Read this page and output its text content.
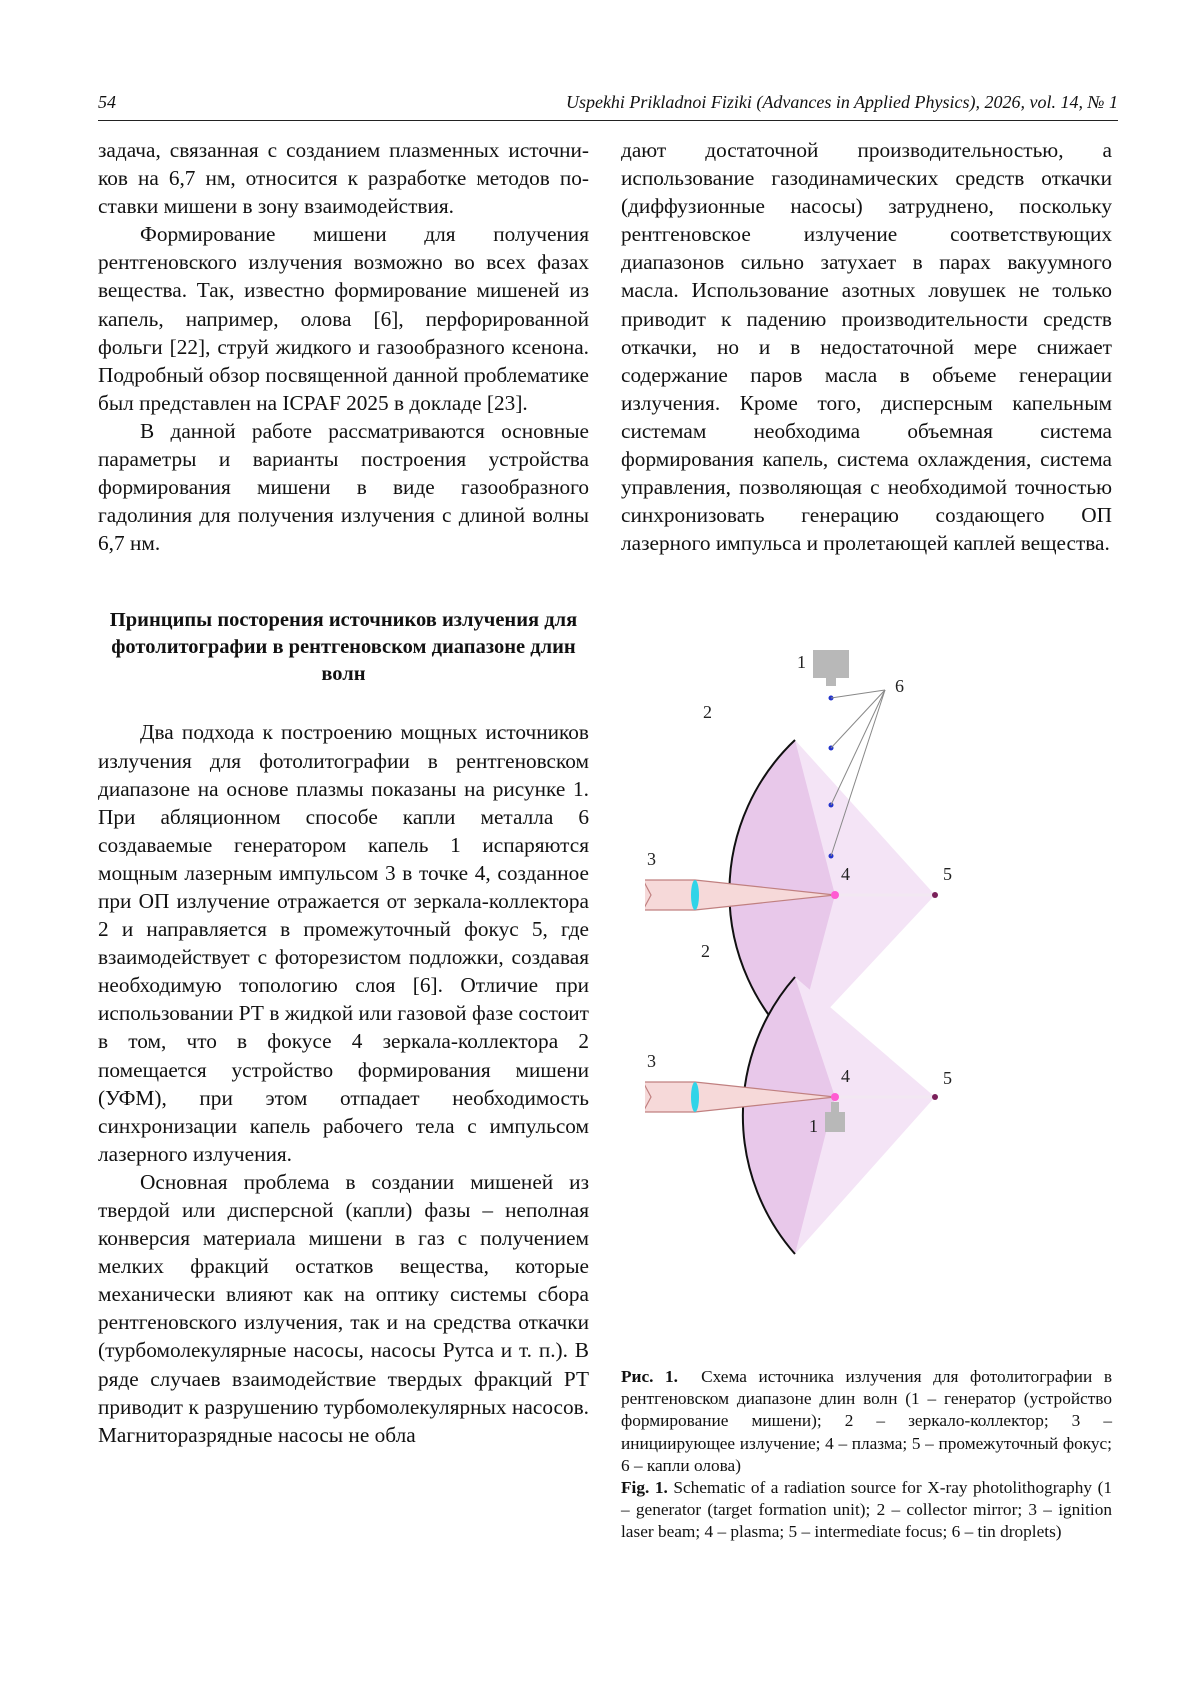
54	Uspekhi Prikladnoi Fiziki (Advances in Applied Physics), 2026, vol. 14, № 1

задача, связанная с созданием плазменных источников на 6,7 нм, относится к разработке методов поставки мишени в зону взаимодействия.

Формирование мишени для получения рентгеновского излучения возможно во всех фазах вещества. Так, известно формирование мишеней из капель, например, олова [6], перфорированной фольги [22], струй жидкого и газообразного ксенона. Подробный обзор посвященной данной проблематике был представлен на ICPAF 2025 в докладе [23].

В данной работе рассматриваются основные параметры и варианты построения устройства формирования мишени в виде газообразного гадолиния для получения излучения с длиной волны 6,7 нм.

Принципы посторения источников излучения для фотолитографии в рентгеновском диапазоне длин волн

Два подхода к построению мощных источников излучения для фотолитографии в рентгеновском диапазоне на основе плазмы показаны на рисунке 1. При абляционном способе капли металла 6 создаваемые генератором капель 1 испаряются мощным лазерным импульсом 3 в точке 4, созданное при ОП излучение отражается от зеркала-коллектора 2 и направляется в промежуточный фокус 5, где взаимодействует с фоторезистом подложки, создавая необходимую топологию слоя [6]. Отличие при использовании РТ в жидкой или газовой фазе состоит в том, что в фокусе 4 зеркала-коллектора 2 помещается устройство формирования мишени (УФМ), при этом отпадает необходимость синхронизации капель рабочего тела с импульсом лазерного излучения.

Основная проблема в создании мишеней из твердой или дисперсной (капли) фазы – неполная конверсия материала мишени в газ с получением мелких фракций остатков вещества, которые механически влияют как на оптику системы сбора рентгеновского излучения, так и на средства откачки (турбомолекулярные насосы, насосы Рутса и т. п.). В ряде случаев взаимодействие твердых фракций РТ приводит к разрушению турбомолекулярных насосов. Магниторазрядные насосы не обла

дают достаточной производительностью, а использование газодинамических средств откачки (диффузионные насосы) затруднено, поскольку рентгеновское излучение соответствующих диапазонов сильно затухает в парах вакуумного масла. Использование азотных ловушек не только приводит к падению производительности средств откачки, но и в недостаточной мере снижает содержание паров масла в объеме генерации излучения. Кроме того, дисперсным капельным системам необходима объемная система формирования капель, система охлаждения, система управления, позволяющая с необходимой точностью синхронизовать генерацию создающего ОП лазерного импульса и пролетающей каплей вещества.

1
2
3
4	5
6
1
2
3
4	5

Рис. 1. Схема источника излучения для фотолитографии в рентгеновском диапазоне длин волн (1 – генератор (устройство формирование мишени); 2 – зеркало-коллектор; 3 – инициирующее излучение; 4 – плазма; 5 – промежуточный фокус; 6 – капли олова)

Fig. 1. Schematic of a radiation source for X-ray photolithography (1 – generator (target formation unit); 2 – collector mirror; 3 – ignition laser beam; 4 – plasma; 5 – intermediate focus; 6 – tin droplets)
